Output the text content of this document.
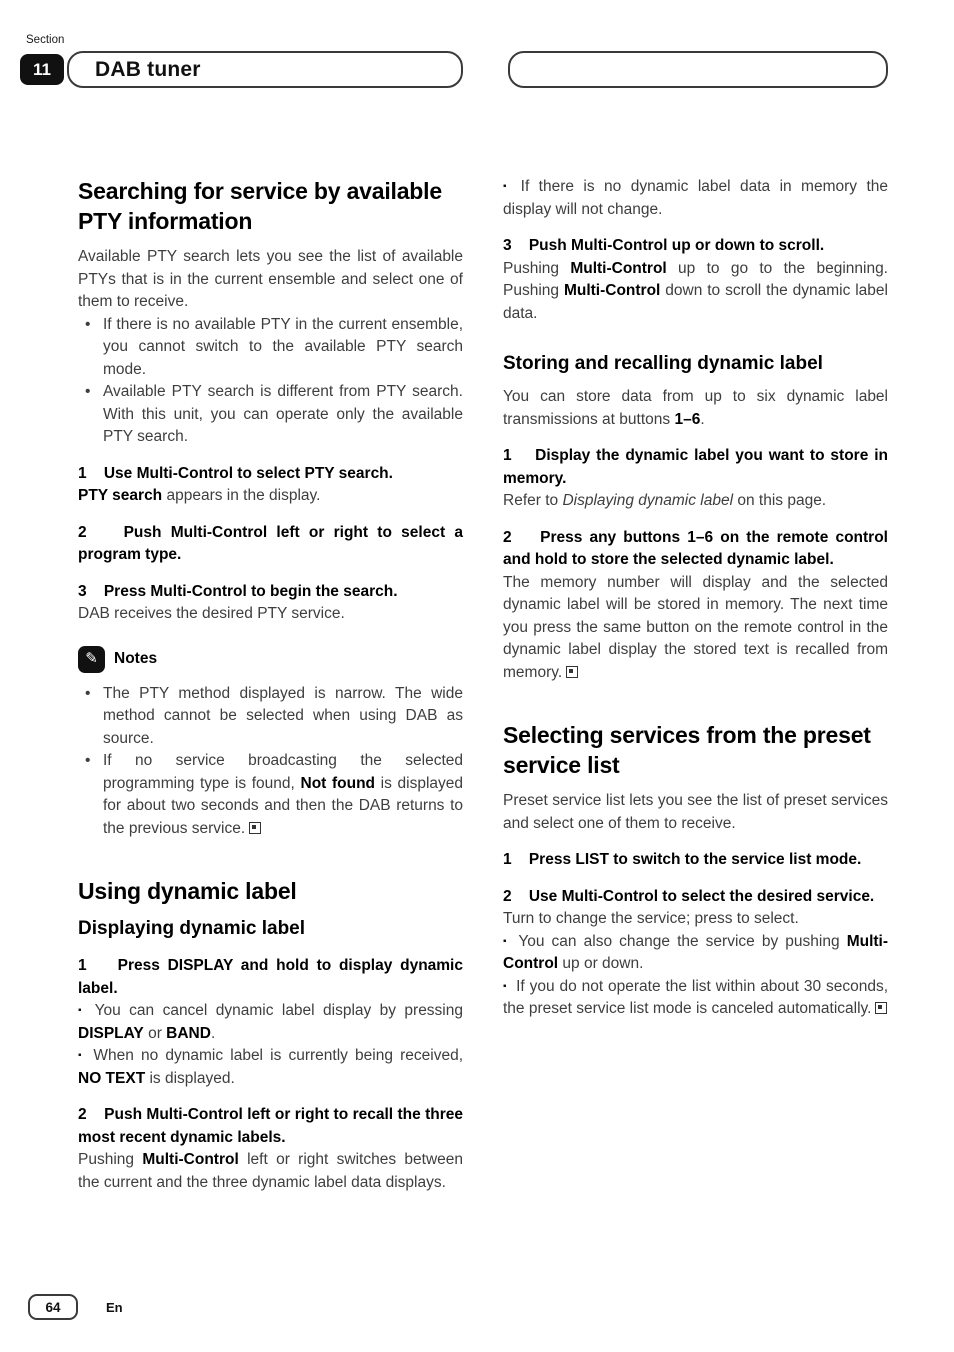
Section
11	DAB tuner
Searching for service by available PTY information
Available PTY search lets you see the list of available PTYs that is in the current ensemble and select one of them to receive.
• If there is no available PTY in the current ensemble, you cannot switch to the available PTY search mode.
• Available PTY search is different from PTY search. With this unit, you can operate only the available PTY search.
1    Use Multi-Control to select PTY search.
PTY search appears in the display.
2    Push Multi-Control left or right to select a program type.
3    Press Multi-Control to begin the search.
DAB receives the desired PTY service.
✎	Notes
• The PTY method displayed is narrow. The wide method cannot be selected when using DAB as source.
• If no service broadcasting the selected programming type is found, Not found is displayed for about two seconds and then the DAB returns to the previous service.
Using dynamic label
Displaying dynamic label
1    Press DISPLAY and hold to display dynamic label.
▪ You can cancel dynamic label display by pressing DISPLAY or BAND.
▪ When no dynamic label is currently being received, NO TEXT is displayed.
2    Push Multi-Control left or right to recall the three most recent dynamic labels.
Pushing Multi-Control left or right switches between the current and the three dynamic label data displays.
▪ If there is no dynamic label data in memory the display will not change.
3    Push Multi-Control up or down to scroll.
Pushing Multi-Control up to go to the beginning. Pushing Multi-Control down to scroll the dynamic label data.
Storing and recalling dynamic label
You can store data from up to six dynamic label transmissions at buttons 1–6.
1    Display the dynamic label you want to store in memory.
Refer to Displaying dynamic label on this page.
2    Press any buttons 1–6 on the remote control and hold to store the selected dynamic label.
The memory number will display and the selected dynamic label will be stored in memory. The next time you press the same button on the remote control in the dynamic label display the stored text is recalled from memory.
Selecting services from the preset service list
Preset service list lets you see the list of preset services and select one of them to receive.
1    Press LIST to switch to the service list mode.
2    Use Multi-Control to select the desired service.
Turn to change the service; press to select.
▪ You can also change the service by pushing Multi-Control up or down.
▪ If you do not operate the list within about 30 seconds, the preset service list mode is canceled automatically.
64	En
